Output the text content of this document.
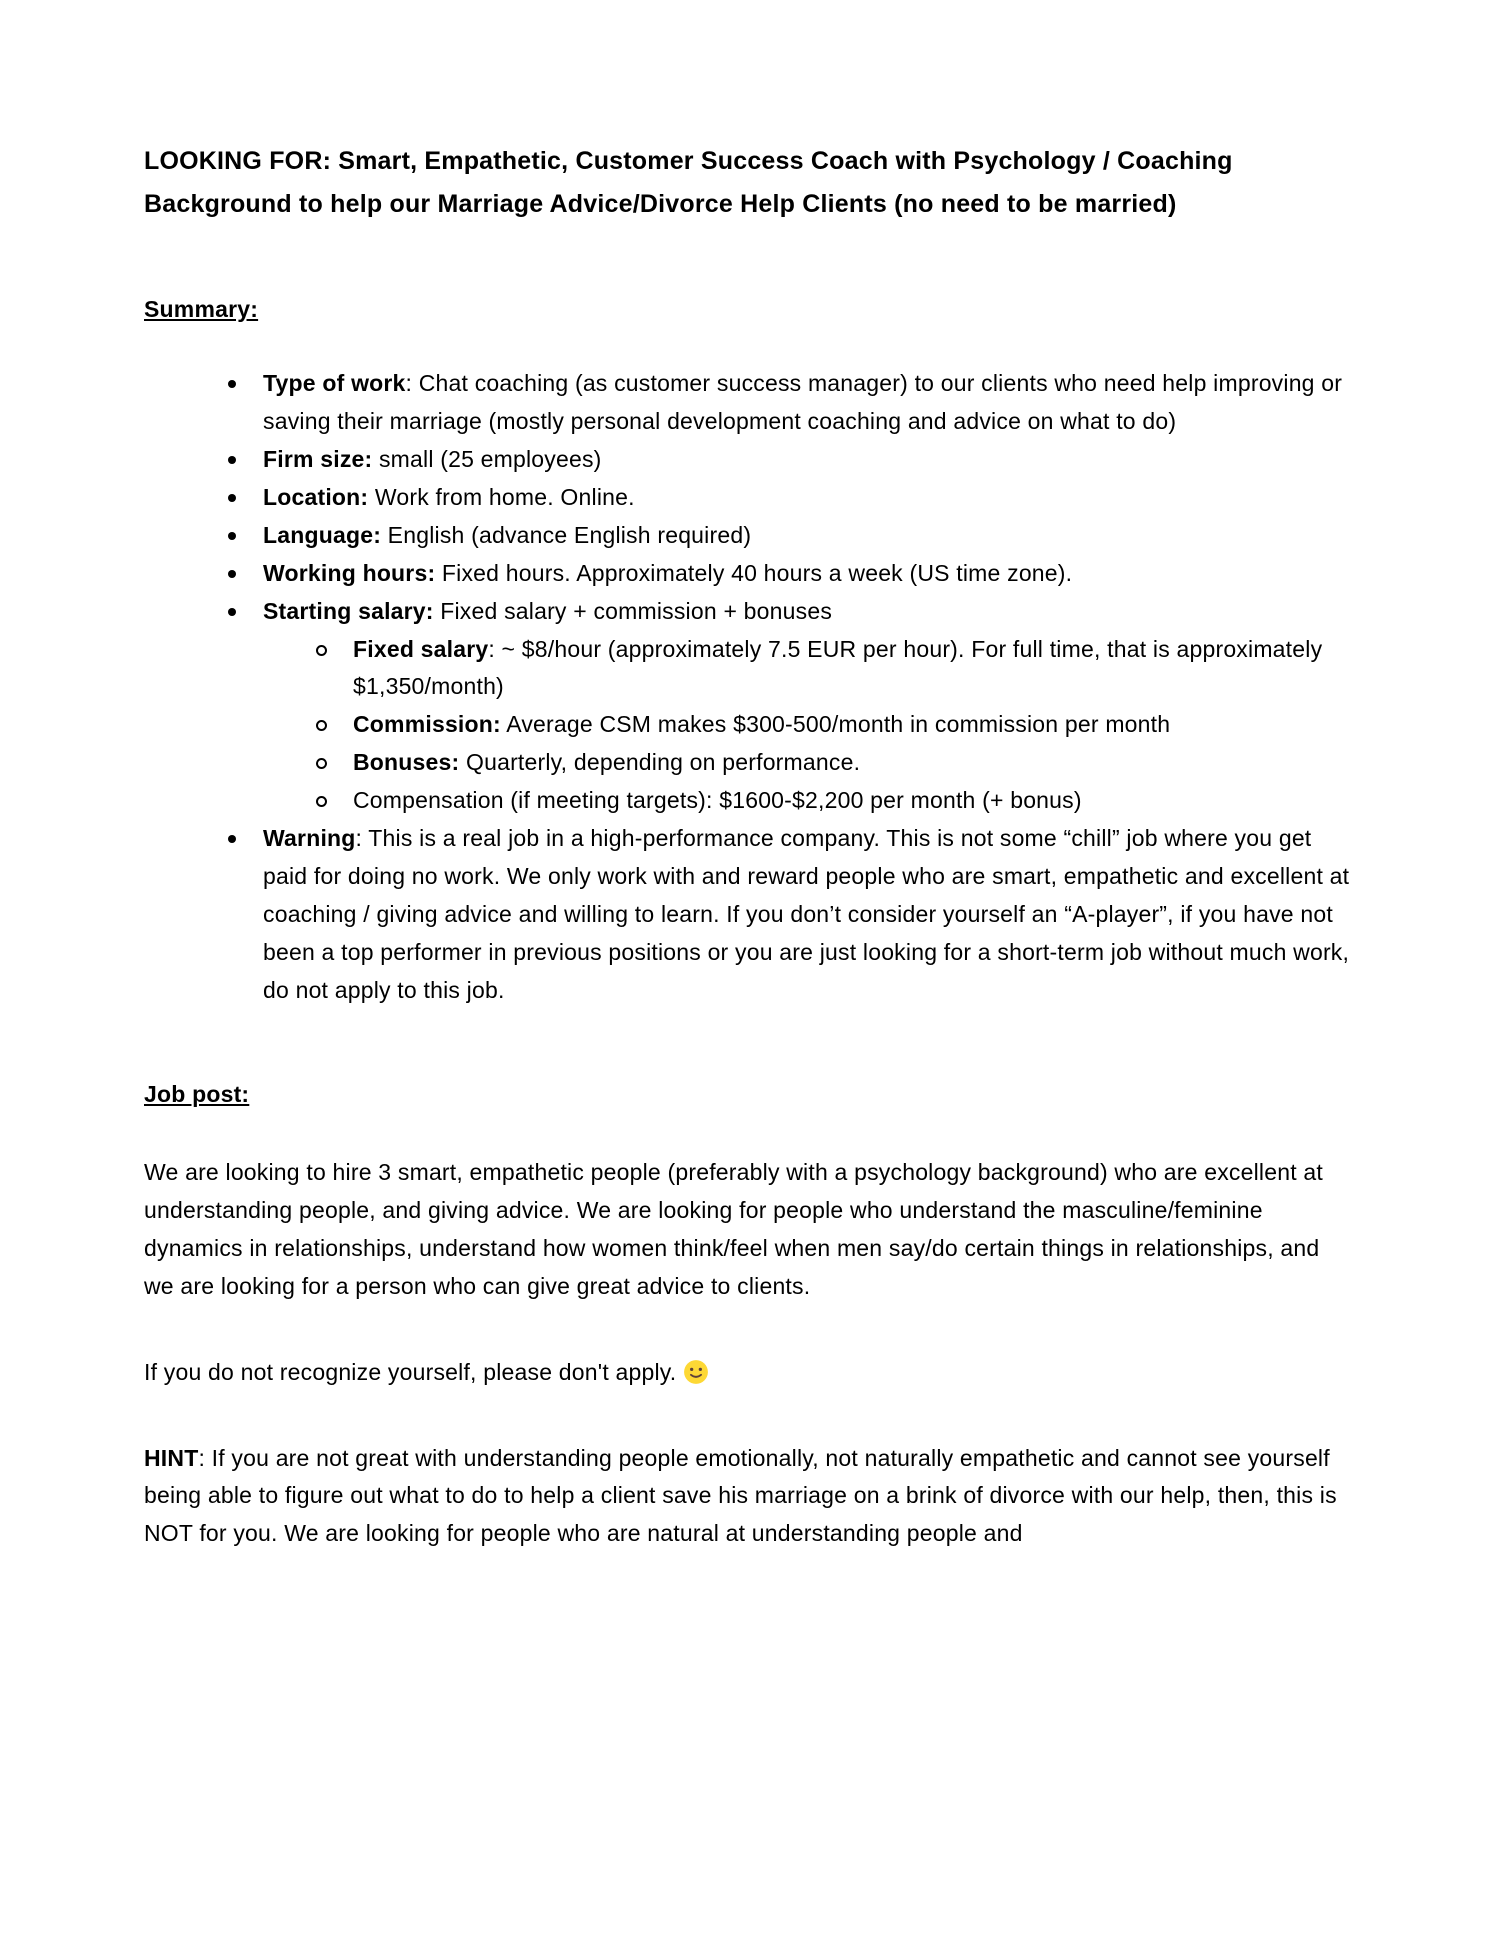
LOOKING FOR: Smart, Empathetic, Customer Success Coach with Psychology / Coaching Background to help our Marriage Advice/Divorce Help Clients (no need to be married)

Summary:

Type of work: Chat coaching (as customer success manager) to our clients who need help improving or saving their marriage (mostly personal development coaching and advice on what to do)
Firm size: small (25 employees)
Location: Work from home. Online.
Language: English (advance English required)
Working hours: Fixed hours. Approximately 40 hours a week (US time zone).
Starting salary: Fixed salary + commission + bonuses
Fixed salary: ~ $8/hour (approximately 7.5 EUR per hour). For full time, that is approximately $1,350/month)
Commission: Average CSM makes $300-500/month in commission per month
Bonuses: Quarterly, depending on performance.
Compensation (if meeting targets): $1600-$2,200 per month (+ bonus)
Warning: This is a real job in a high-performance company. This is not some “chill” job where you get paid for doing no work. We only work with and reward people who are smart, empathetic and excellent at coaching / giving advice and willing to learn. If you don’t consider yourself an “A-player”, if you have not been a top performer in previous positions or you are just looking for a short-term job without much work, do not apply to this job.

Job post:

We are looking to hire 3 smart, empathetic people (preferably with a psychology background) who are excellent at understanding people, and giving advice. We are looking for people who understand the masculine/feminine dynamics in relationships, understand how women think/feel when men say/do certain things in relationships, and we are looking for a person who can give great advice to clients.

If you do not recognize yourself, please don't apply.

HINT: If you are not great with understanding people emotionally, not naturally empathetic and cannot see yourself being able to figure out what to do to help a client save his marriage on a brink of divorce with our help, then, this is NOT for you. We are looking for people who are natural at understanding people and
